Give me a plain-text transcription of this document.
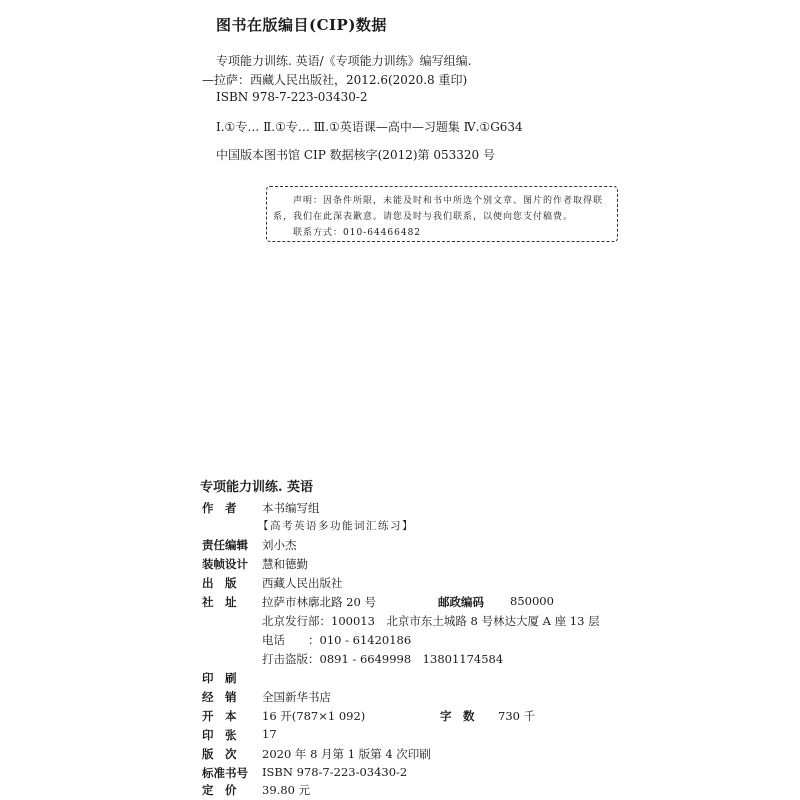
图书在版编目(CIP)数据
专项能力训练. 英语/《专项能力训练》编写组编.
—拉萨：西藏人民出版社，2012.6(2020.8 重印)
ISBN 978-7-223-03430-2
Ⅰ.①专… Ⅱ.①专… Ⅲ.①英语课—高中—习题集 Ⅳ.①G634
中国版本图书馆 CIP 数据核字(2012)第 053320 号
声明：因条件所限，未能及时和书中所选个别文章、图片的作者取得联
系，我们在此深表歉意。请您及时与我们联系，以便向您支付稿费。
联系方式：010-64466482
专项能力训练. 英语
作　者 本书编写组
【高考英语多功能词汇练习】
责任编辑 刘小杰
装帧设计 慧和德勤
出　版 西藏人民出版社
社　址 拉萨市林廓北路 20 号	邮政编码 850000
北京发行部：100013　北京市东土城路 8 号林达大厦 A 座 13 层
电话 ：010 - 61420186
打击盗版 ：0891 - 6649998　13801174584
印　刷
经　销 全国新华书店
开　本 16 开(787×1 092)	字　数	730 千
印　张 17
版　次 2020 年 8 月第 1 版第 4 次印刷
标准书号 ISBN 978-7-223-03430-2
定　价 39.80 元
